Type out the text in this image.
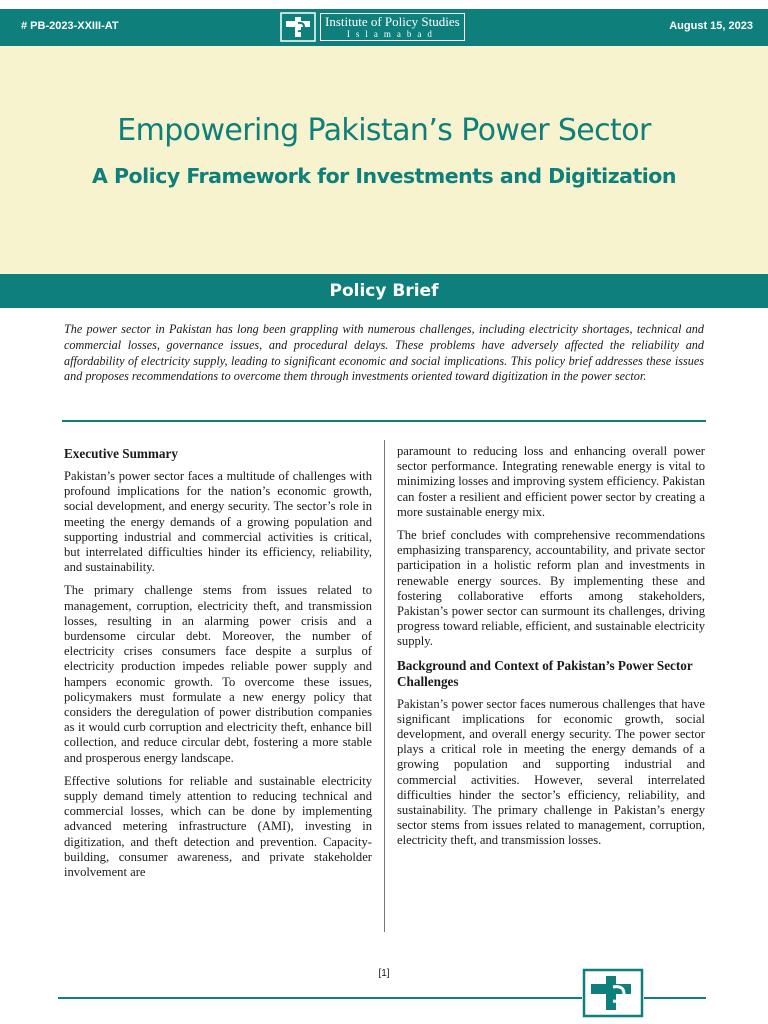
# PB-2023-XXIII-AT	Institute of Policy Studies
Islamabad
August 15, 2023
Empowering Pakistan’s Power Sector
A Policy Framework for Investments and Digitization
Policy Brief

The power sector in Pakistan has long been grappling with numerous challenges, including electricity shortages, technical and commercial losses, governance issues, and procedural delays. These problems have adversely affected the reliability and affordability of electricity supply, leading to significant economic and social implications. This policy brief addresses these issues and proposes recommendations to overcome them through investments oriented toward digitization in the power sector.

Executive Summary

Pakistan’s power sector faces a multitude of challenges with profound implications for the nation’s economic growth, social development, and energy security. The sector’s role in meeting the energy demands of a growing population and supporting industrial and commercial activities is critical, but interrelated difficulties hinder its efficiency, reliability, and sustainability.

The primary challenge stems from issues related to management, corruption, electricity theft, and transmission losses, resulting in an alarming power crisis and a burdensome circular debt. Moreover, the number of electricity crises consumers face despite a surplus of electricity production impedes reliable power supply and hampers economic growth. To overcome these issues, policymakers must formulate a new energy policy that considers the deregulation of power distribution companies as it would curb corruption and electricity theft, enhance bill collection, and reduce circular debt, fostering a more stable and prosperous energy landscape.

Effective solutions for reliable and sustainable electricity supply demand timely attention to reducing technical and commercial losses, which can be done by implementing advanced metering infrastructure (AMI), investing in digitization, and theft detection and prevention. Capacity-building, consumer awareness, and private stakeholder involvement are

paramount to reducing loss and enhancing overall power sector performance. Integrating renewable energy is vital to minimizing losses and improving system efficiency. Pakistan can foster a resilient and efficient power sector by creating a more sustainable energy mix.

The brief concludes with comprehensive recommendations emphasizing transparency, accountability, and private sector participation in a holistic reform plan and investments in renewable energy sources. By implementing these and fostering collaborative efforts among stakeholders, Pakistan’s power sector can surmount its challenges, driving progress toward reliable, efficient, and sustainable electricity supply.

Background and Context of Pakistan’s Power Sector Challenges

Pakistan’s power sector faces numerous challenges that have significant implications for economic growth, social development, and overall energy security. The power sector plays a critical role in meeting the energy demands of a growing population and supporting industrial and commercial activities. However, several interrelated difficulties hinder the sector’s efficiency, reliability, and sustainability. The primary challenge in Pakistan’s energy sector stems from issues related to management, corruption, electricity theft, and transmission losses.

[1]
